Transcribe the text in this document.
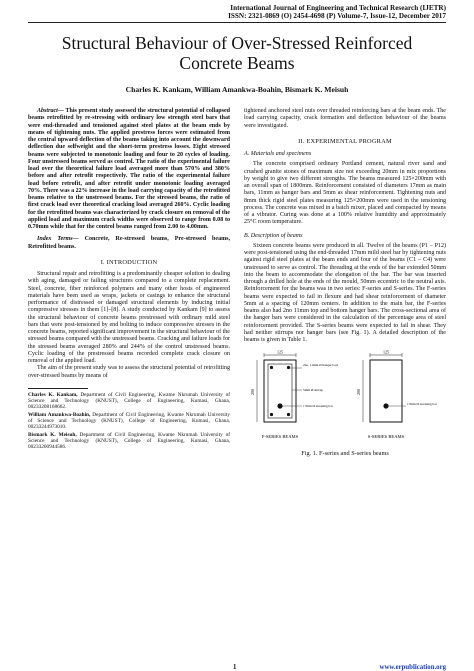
International Journal of Engineering and Technical Research (IJETR)
ISSN: 2321-0869 (O) 2454-4698 (P) Volume-7, Issue-12, December 2017
Structural Behaviour of Over-Stressed Reinforced Concrete Beams
Charles K. Kankam, William Amankwa-Boahin, Bismark K. Meisuh

Abstract— This present study assessed the structural potential of collapsed beams retrofitted by re-stressing with ordinary low strength steel bars that were end-threaded and tensioned against steel plates at the beam ends by means of tightening nuts. The applied prestress forces were estimated from the central upward deflection of the beams taking into account the downward deflection due selfweight and the short-term prestress losses. Eight stressed beams were subjected to monotonic loading and four to 20 cycles of loading. Four unstressed beams served as control. The ratio of the experimental failure load over the theoretical failure load averaged more than 570% and 380% before and after retrofit respectively. The ratio of the experimental failure load before retrofit, and after retrofit under monotonic loading averaged 70%. There was a 22% increase in the load carrying capacity of the retrofitted beams relative to the unstressed beams. For the stressed beams, the ratio of first crack load over theoretical cracking load averaged 260%. Cyclic loading for the retrofitted beams was characterized by crack closure on removal of the applied load and maximum crack widths were observed to range from 0.08 to 0.70mm while that for the control beams ranged from 2.00 to 4.00mm.

Index Terms— Concrete, Re-stressed beams, Pre-stressed beams, Retrofitted beams.

I. INTRODUCTION

Structural repair and retrofitting is a predominantly cheaper solution to dealing with aging, damaged or failing structures compared to a complete replacement. Steel, concrete, fiber reinforced polymers and many other hosts of engineered materials have been used as wraps, jackets or casings to enhance the structural performance of distressed or damaged structural elements by inducing initial compressive stresses in them [1]–[8]. A study conducted by Kankam [9] to assess the structural behaviour of concrete beams prestressed with ordinary mild steel bars that were post-tensioned by end bolting to induce compressive stresses in the concrete beams, reported significant improvement in the structural behaviour of the stressed beams compared with the unstressed beams. Cracking and failure loads for the stressed beams averaged 280% and 244% of the control unstressed beams. Cyclic loading of the prestressed beams recorded complete crack closure on removal of the applied load.

The aim of the present study was to assess the structural potential of retrofitting over-stressed beams by means of

Charles K. Kankam, Department of Civil Engineering, Kwame Nkrumah University of Science and Technology (KNUST), College of Engineering, Kumasi, Ghana, 00233208168662.

William Amankwa-Boahin, Department of Civil Engineering, Kwame Nkrumah University of Science and Technology (KNUST), College of Engineering, Kumasi, Ghana, 00233244973010.

Bismark K. Meisuh, Department of Civil Engineering, Kwame Nkrumah University of Science and Technology (KNUST), College of Engineering, Kumasi, Ghana, 00233200944586.

tightened anchored steel nuts over threaded reinforcing bars at the beam ends. The load carrying capacity, crack formation and deflection behaviour of the beams were investigated.

II. EXPERIMENTAL PROGRAM
A. Materials and specimens

The concrete comprised ordinary Portland cement, natural river sand and crushed granite stones of maximum size not exceeding 20mm in mix proportions by weight to give two different strengths. The beams measured 125×200mm with an overall span of 1800mm. Reinforcement consisted of diameters 17mm as main bars, 11mm as hanger bars and 5mm as shear reinforcement. Tightening nuts and 8mm thick rigid steel plates measuring 125×200mm were used in the tensioning process. The concrete was mixed in a batch mixer, placed and compacted by means of a vibrator. Curing was done at a 100% relative humidity and approximately 25°C room temperature.

B. Description of beams

Sixteen concrete beams were produced in all. Twelve of the beams (P1 – P12) were post-tensioned using the end-threaded 17mm mild steel bar by tightening nuts against rigid steel plates at the beam ends and four of the beams (C1 – C4) were unstressed to serve as control. The threading at the ends of the bar extended 50mm into the beam to accommodate the elongation of the bar. The bar was inserted through a drilled hole at the ends of the mould, 50mm eccentric to the neutral axis. Reinforcement for the beams was in two series: F-series and S-series. The F-series beams were expected to fail in flexure and had shear reinforcement of diameter 5mm at a spacing of 120mm centers. In addition to the main bar, the F-series beams also had 2no 11mm top and bottom hanger bars. The cross-sectional area of the hanger bars were considered in the calculation of the percentage area of steel reinforcement provided. The S-series beams were expected to fail in shear. They had neither stirrups nor hanger bars (see Fig. 1). A detailed description of the beams is given in Table 1.

125
200
2no. 11mm Ø hanger bars
5mm Ø stirrup
17mm Ø stressing bar
F-SERIES BEAMS
125
200
17mm Ø stressing bar
S-SERIES BEAMS
Fig. 1. F-series and S-series beams
1	www.erpublication.org
